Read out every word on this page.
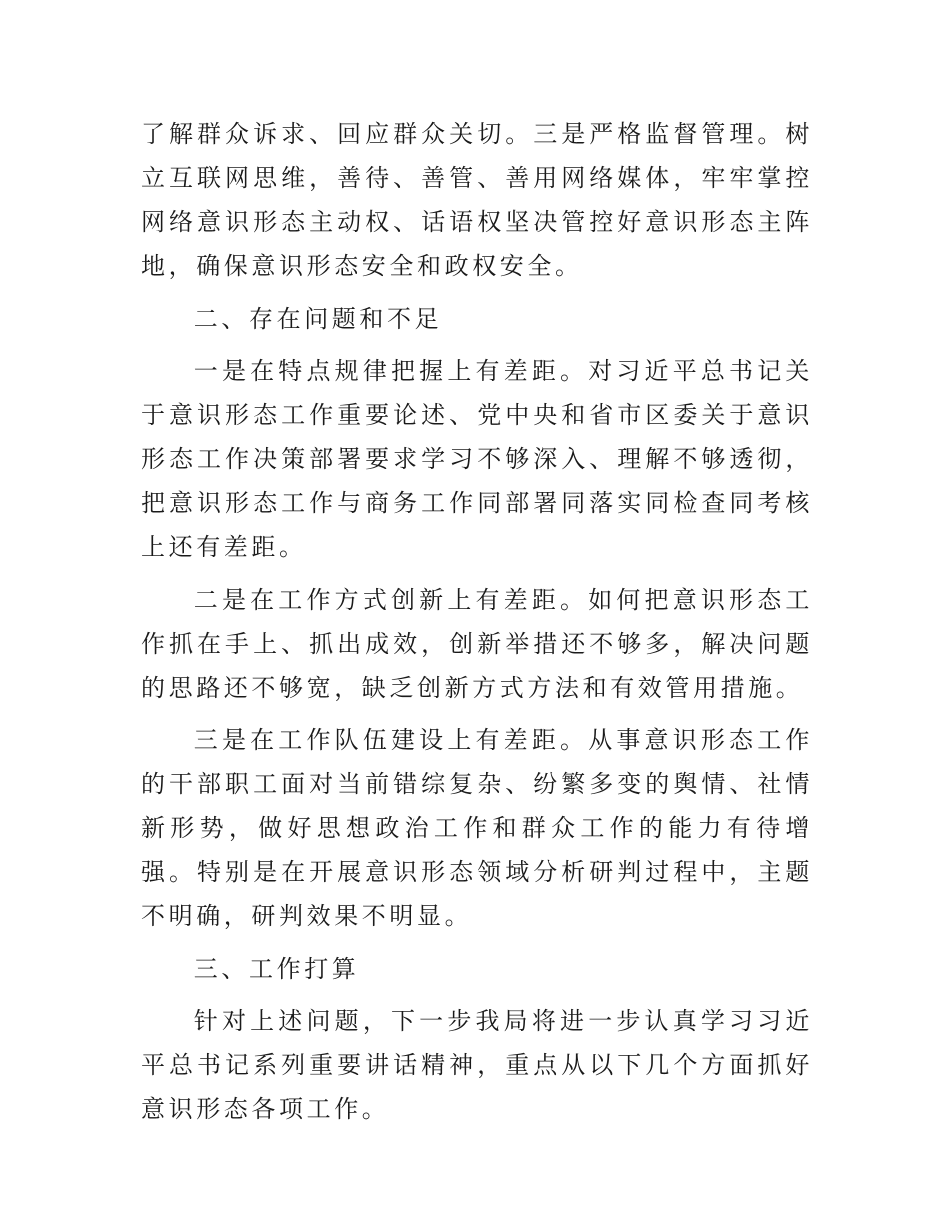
了解群众诉求、回应群众关切。三是严格监督管理。树立互联网思维，善待、善管、善用网络媒体，牢牢掌控网络意识形态主动权、话语权坚决管控好意识形态主阵地，确保意识形态安全和政权安全。

二、存在问题和不足

一是在特点规律把握上有差距。对习近平总书记关于意识形态工作重要论述、党中央和省市区委关于意识形态工作决策部署要求学习不够深入、理解不够透彻，把意识形态工作与商务工作同部署同落实同检查同考核上还有差距。

二是在工作方式创新上有差距。如何把意识形态工作抓在手上、抓出成效，创新举措还不够多，解决问题的思路还不够宽，缺乏创新方式方法和有效管用措施。

三是在工作队伍建设上有差距。从事意识形态工作的干部职工面对当前错综复杂、纷繁多变的舆情、社情新形势，做好思想政治工作和群众工作的能力有待增强。特别是在开展意识形态领域分析研判过程中，主题不明确，研判效果不明显。

三、工作打算

针对上述问题，下一步我局将进一步认真学习习近平总书记系列重要讲话精神，重点从以下几个方面抓好意识形态各项工作。
